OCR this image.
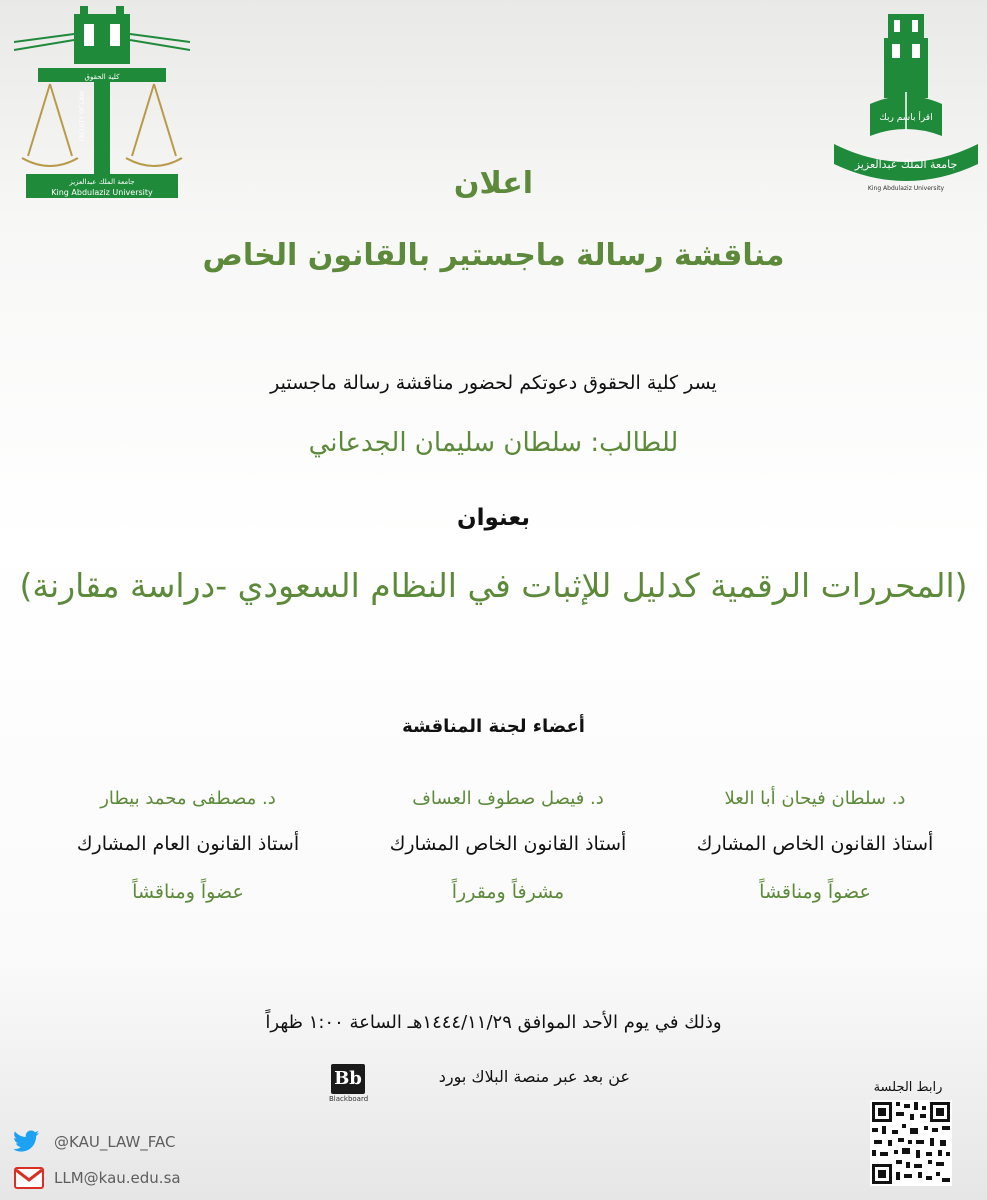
كلية الحقوق
FACULTY OF LAW
جامعة الملك عبدالعزيز
King Abdulaziz University
اقرأ باسم ربك
جامعة الملك عبدالعزيز
King Abdulaziz University
اعلان
مناقشة رسالة ماجستير بالقانون الخاص
يسر كلية الحقوق دعوتكم لحضور مناقشة رسالة ماجستير
للطالب: سلطان سليمان الجدعاني
بعنوان
(المحررات الرقمية كدليل للإثبات في النظام السعودي -دراسة مقارنة)
أعضاء لجنة المناقشة
د. سلطان فيحان أبا العلا
أستاذ القانون الخاص المشارك
عضواً ومناقشاً
د. فيصل صطوف العساف
أستاذ القانون الخاص المشارك
مشرفاً ومقرراً
د. مصطفى محمد بيطار
أستاذ القانون العام المشارك
عضواً ومناقشاً
وذلك في يوم الأحد الموافق ١٤٤٤/١١/٢٩هـ الساعة ١:٠٠ ظهراً
عن بعد عبر منصة البلاك بورد
Bb
Blackboard
رابط الجلسة
@KAU_LAW_FAC
LLM@kau.edu.sa
